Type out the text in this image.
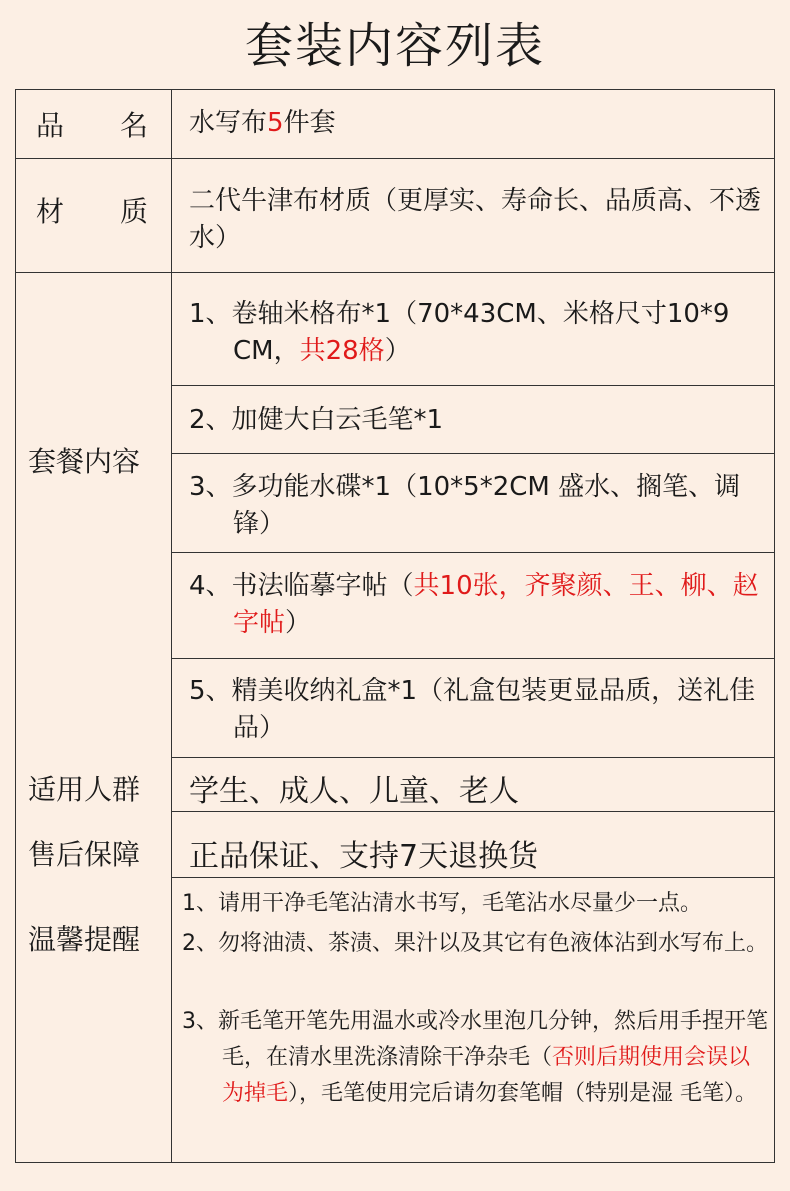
套装内容列表
品　　名 水写布5件套
材　　质 二代牛津布材质（更厚实、寿命长、品质高、不透水）
套餐内容
1、卷轴米格布*1（70*43CM、米格尺寸10*9 CM，共28格）
2、加健大白云毛笔*1
3、多功能水碟*1（10*5*2CM 盛水、搁笔、调锋）
4、书法临摹字帖（共10张，齐聚颜、王、柳、赵字帖）
5、精美收纳礼盒*1（礼盒包装更显品质，送礼佳品）
适用人群 学生、成人、儿童、老人
售后保障 正品保证、支持7天退换货
温馨提醒
1、请用干净毛笔沾清水书写，毛笔沾水尽量少一点。
2、勿将油渍、茶渍、果汁以及其它有色液体沾到水写布上。
3、新毛笔开笔先用温水或冷水里泡几分钟，然后用手捏开笔毛，在清水里洗涤清除干净杂毛（否则后期使用会误以为掉毛），毛笔使用完后请勿套笔帽（特别是湿 毛笔）。
